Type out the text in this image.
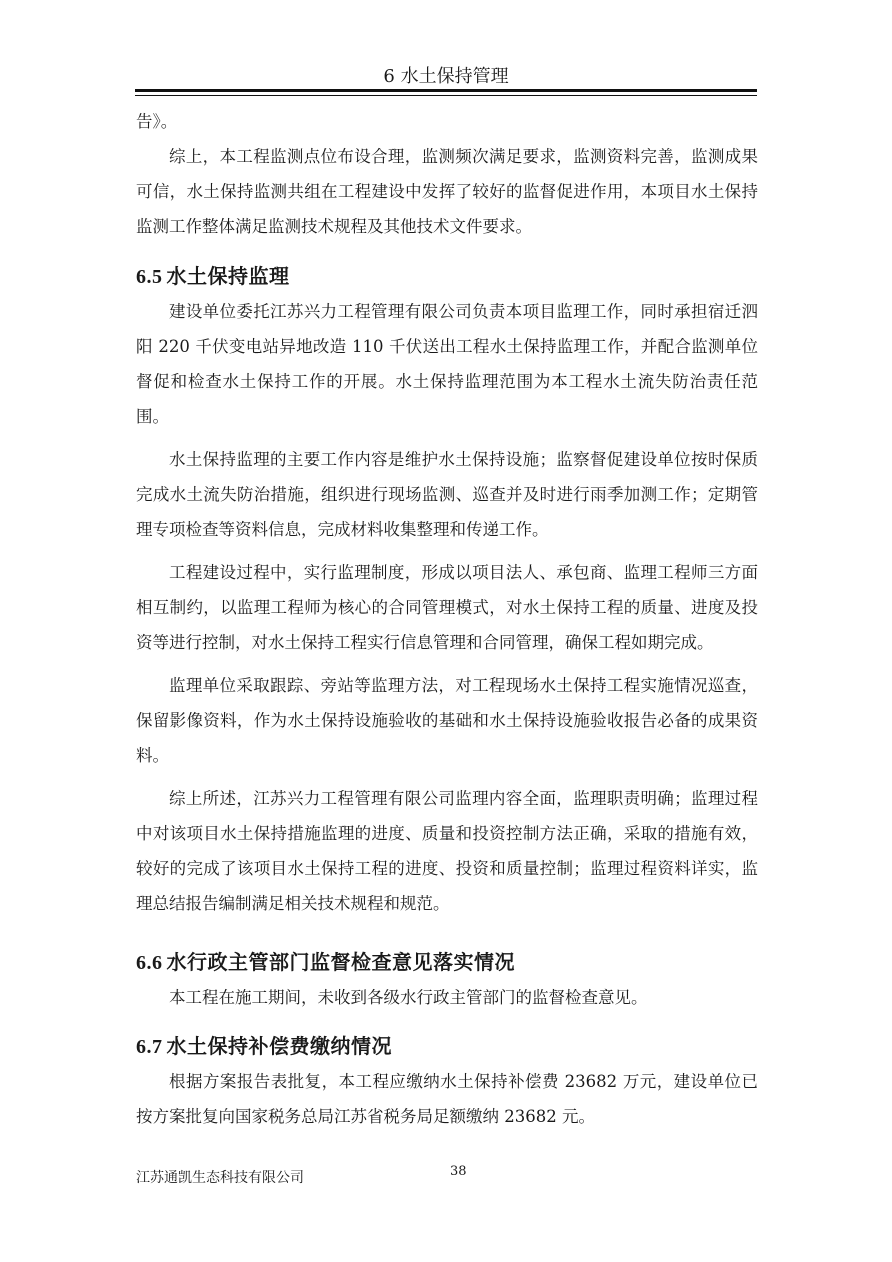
6 水土保持管理

告》。

综上，本工程监测点位布设合理，监测频次满足要求，监测资料完善，监测成果可信，水土保持监测共组在工程建设中发挥了较好的监督促进作用，本项目水土保持监测工作整体满足监测技术规程及其他技术文件要求。

6.5 水土保持监理

建设单位委托江苏兴力工程管理有限公司负责本项目监理工作，同时承担宿迁泗阳 220 千伏变电站异地改造 110 千伏送出工程水土保持监理工作，并配合监测单位督促和检查水土保持工作的开展。水土保持监理范围为本工程水土流失防治责任范围。

水土保持监理的主要工作内容是维护水土保持设施；监察督促建设单位按时保质完成水土流失防治措施，组织进行现场监测、巡查并及时进行雨季加测工作；定期管理专项检查等资料信息，完成材料收集整理和传递工作。

工程建设过程中，实行监理制度，形成以项目法人、承包商、监理工程师三方面相互制约，以监理工程师为核心的合同管理模式，对水土保持工程的质量、进度及投资等进行控制，对水土保持工程实行信息管理和合同管理，确保工程如期完成。

监理单位采取跟踪、旁站等监理方法，对工程现场水土保持工程实施情况巡查，保留影像资料，作为水土保持设施验收的基础和水土保持设施验收报告必备的成果资料。

综上所述，江苏兴力工程管理有限公司监理内容全面，监理职责明确；监理过程中对该项目水土保持措施监理的进度、质量和投资控制方法正确，采取的措施有效，较好的完成了该项目水土保持工程的进度、投资和质量控制；监理过程资料详实，监理总结报告编制满足相关技术规程和规范。

6.6 水行政主管部门监督检查意见落实情况

本工程在施工期间，未收到各级水行政主管部门的监督检查意见。

6.7 水土保持补偿费缴纳情况

根据方案报告表批复，本工程应缴纳水土保持补偿费 23682 万元，建设单位已按方案批复向国家税务总局江苏省税务局足额缴纳 23682 元。

江苏通凯生态科技有限公司	38
